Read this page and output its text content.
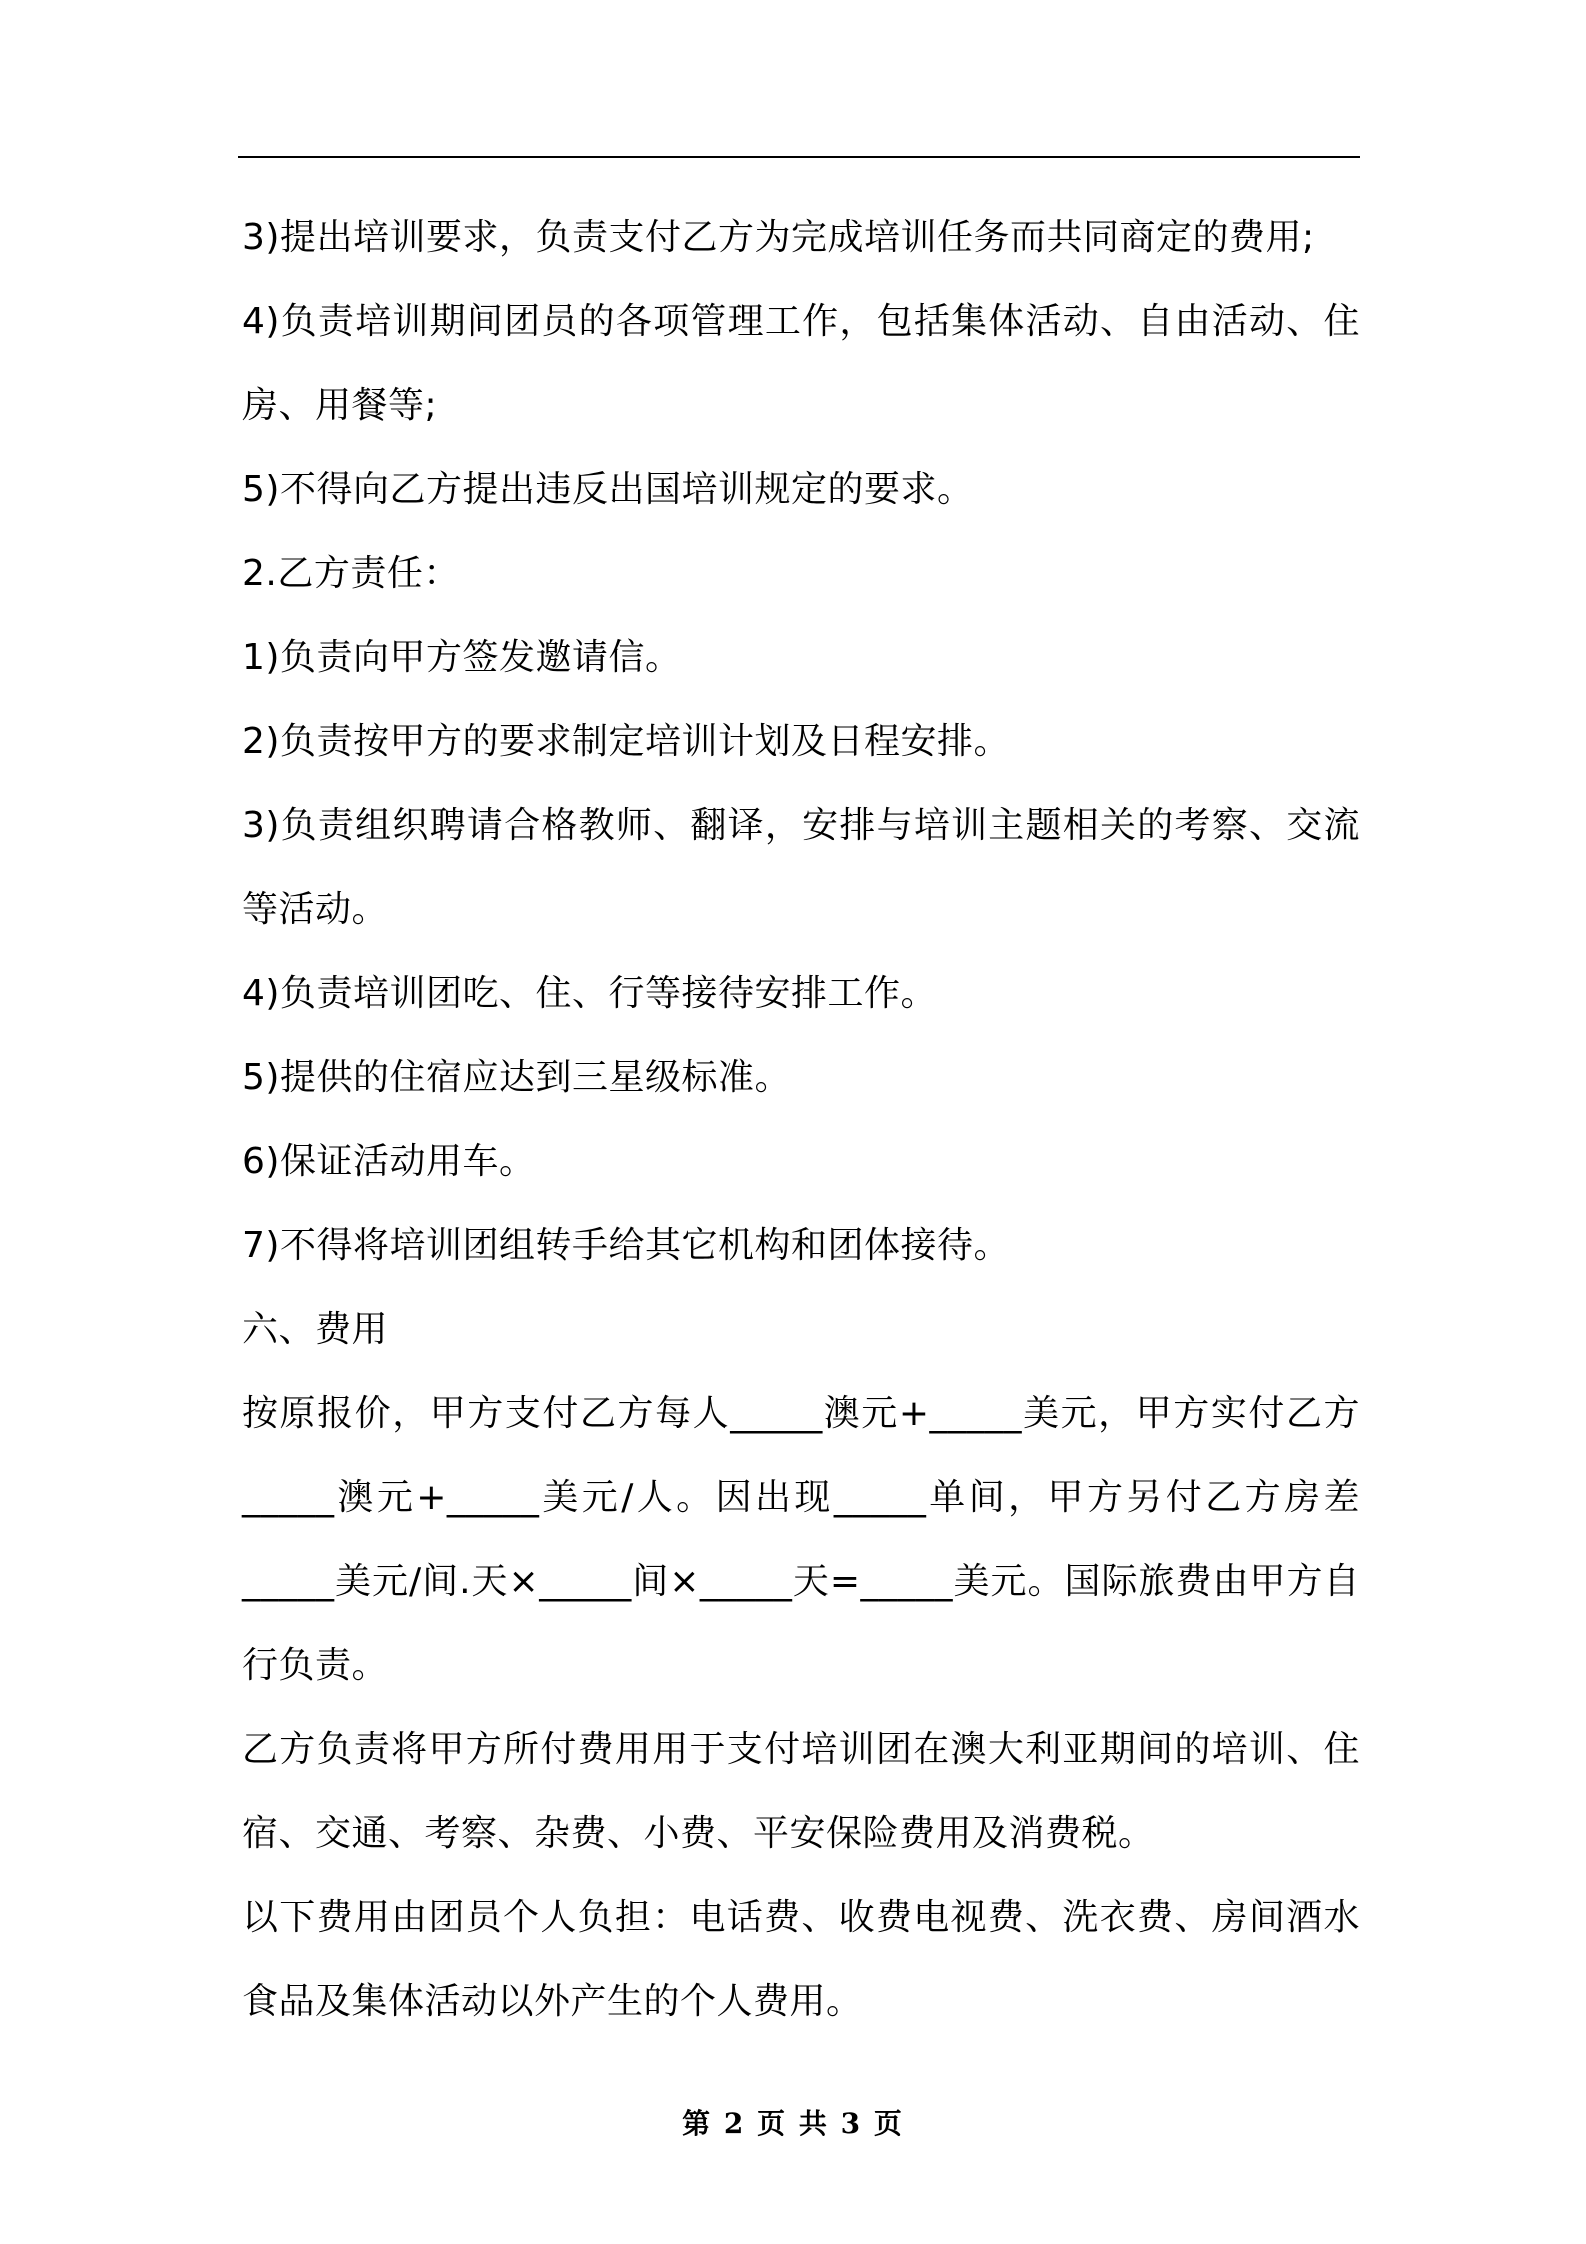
3)提出培训要求，负责支付乙方为完成培训任务而共同商定的费用;

4)负责培训期间团员的各项管理工作，包括集体活动、自由活动、住房、用餐等;

5)不得向乙方提出违反出国培训规定的要求。

2.乙方责任：

1)负责向甲方签发邀请信。

2)负责按甲方的要求制定培训计划及日程安排。

3)负责组织聘请合格教师、翻译，安排与培训主题相关的考察、交流等活动。

4)负责培训团吃、住、行等接待安排工作。

5)提供的住宿应达到三星级标准。

6)保证活动用车。

7)不得将培训团组转手给其它机构和团体接待。

六、费用

按原报价，甲方支付乙方每人_____澳元+_____美元，甲方实付乙方_____澳元+_____美元/人。因出现_____单间，甲方另付乙方房差_____美元/间.天×_____间×_____天=_____美元。国际旅费由甲方自行负责。

乙方负责将甲方所付费用用于支付培训团在澳大利亚期间的培训、住宿、交通、考察、杂费、小费、平安保险费用及消费税。

以下费用由团员个人负担：电话费、收费电视费、洗衣费、房间酒水食品及集体活动以外产生的个人费用。

第 2 页 共 3 页
